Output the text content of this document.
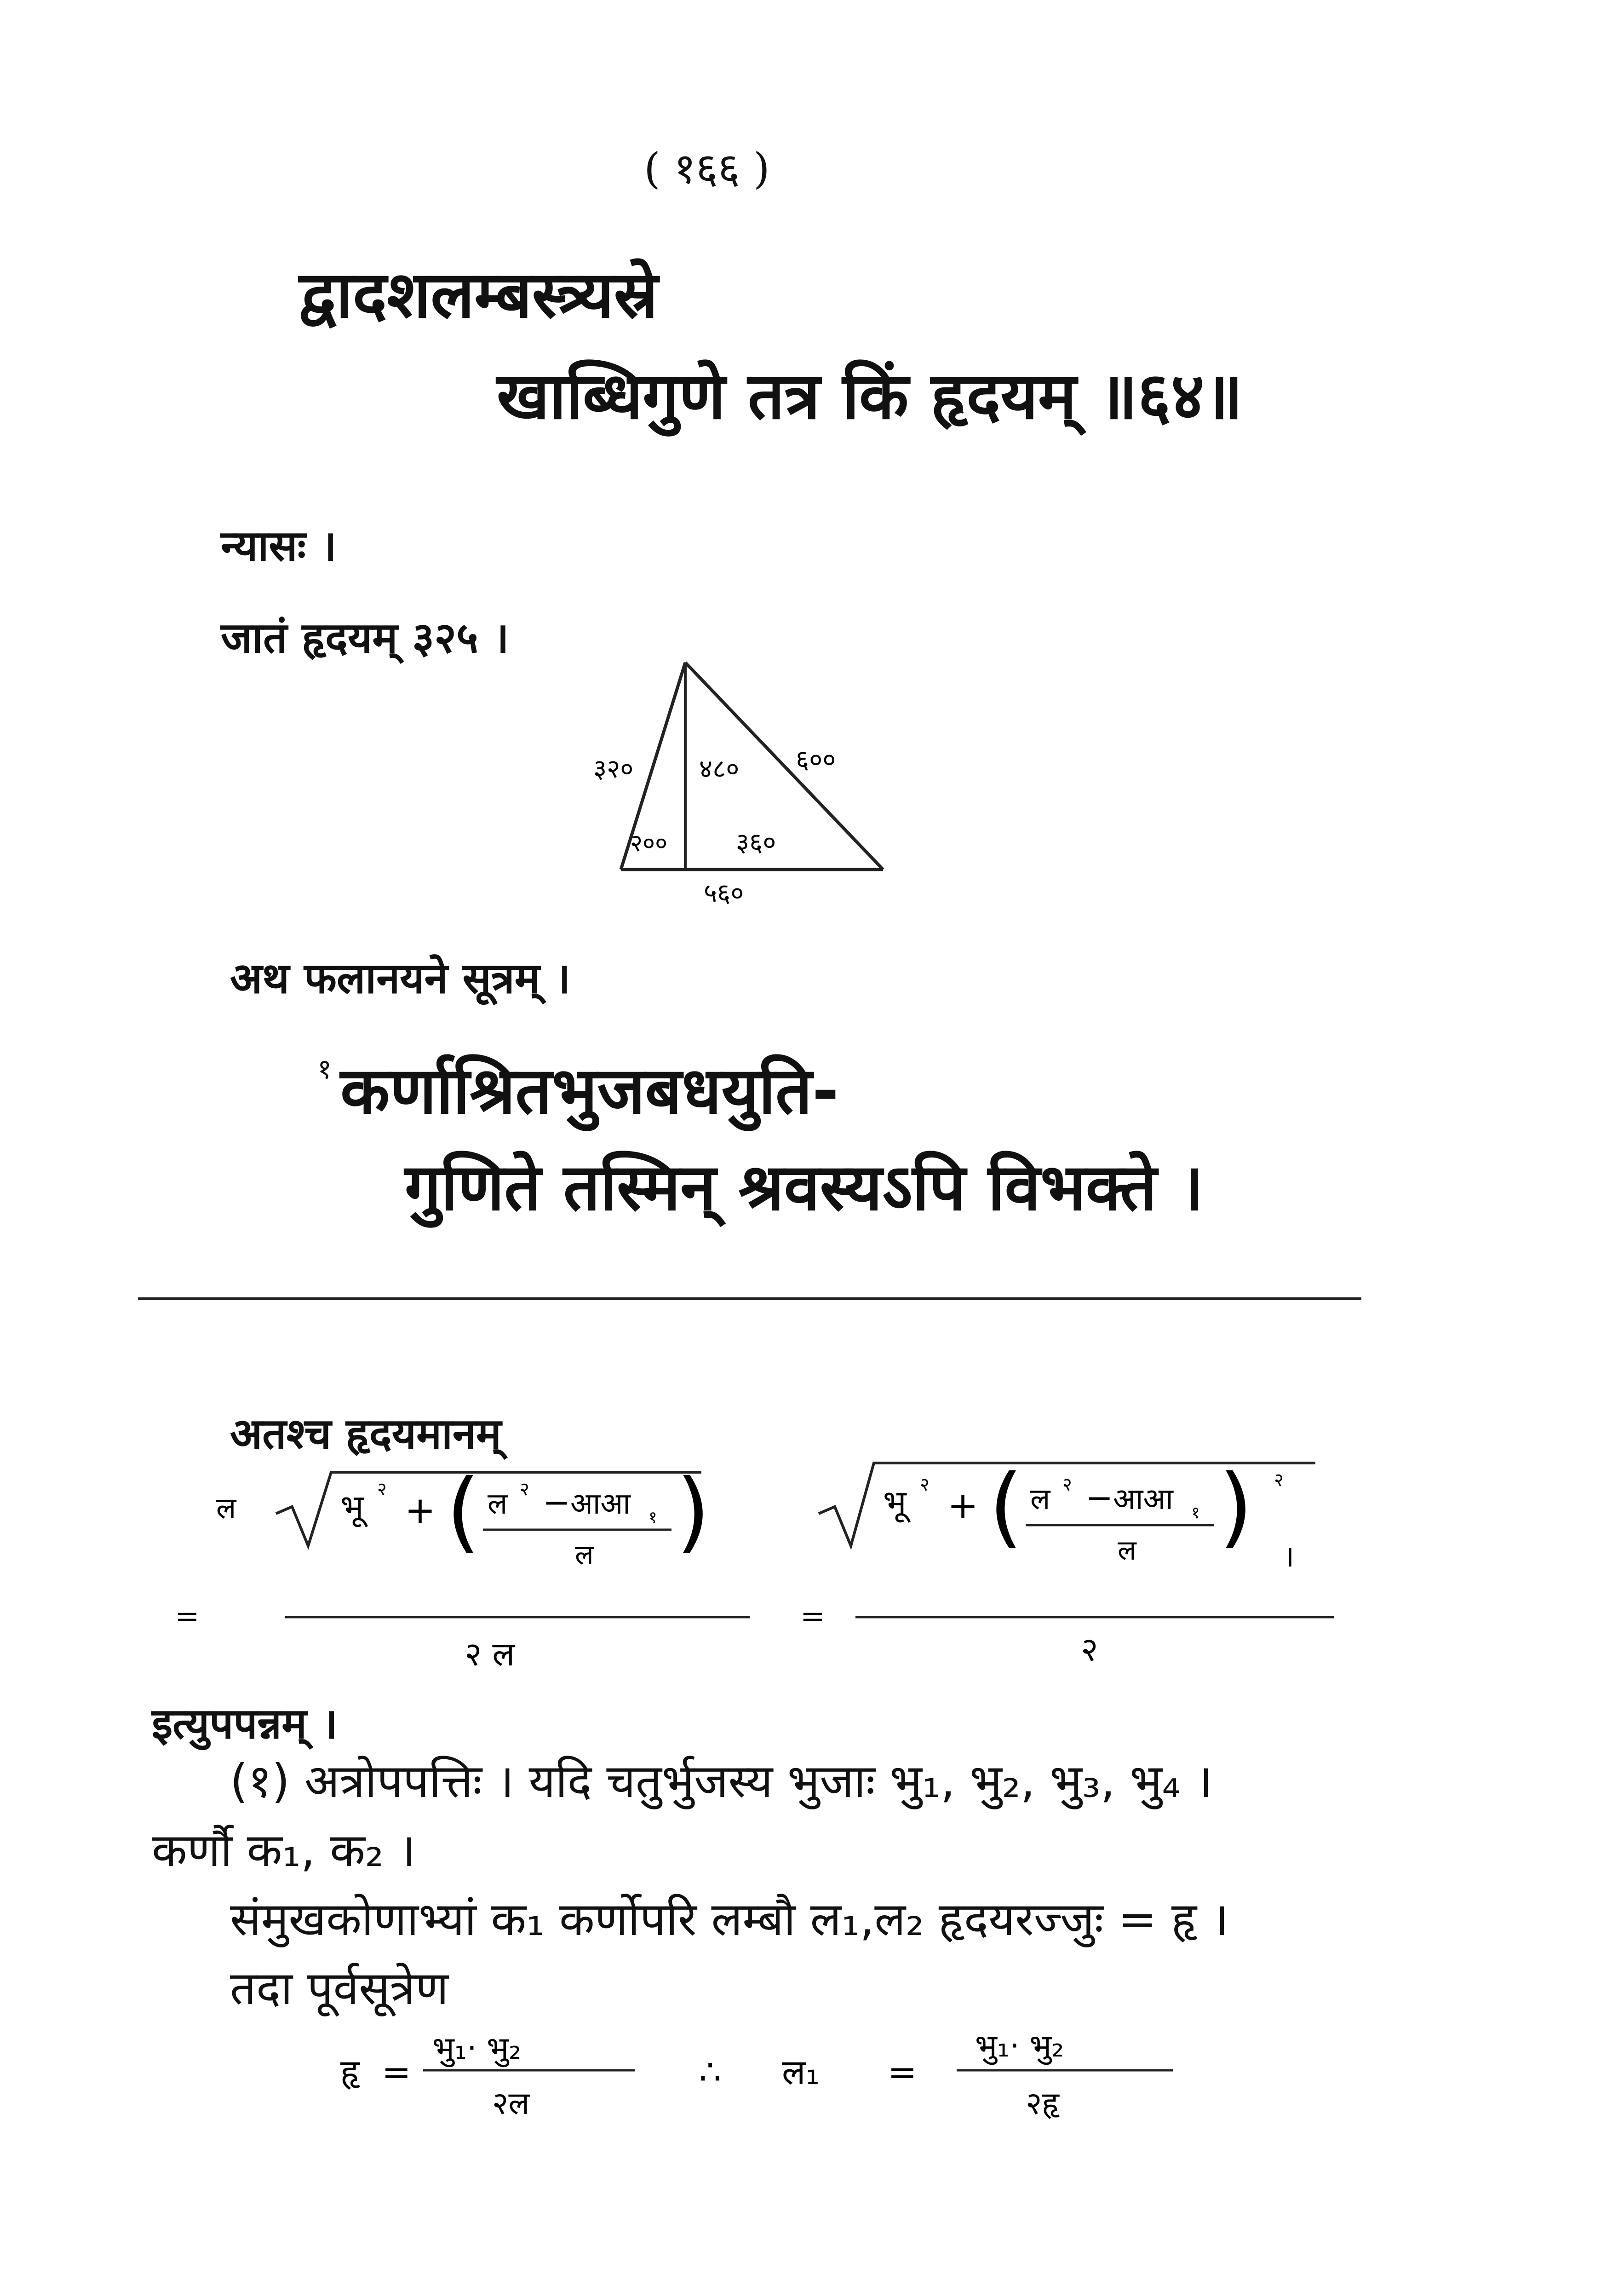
( १६६ )
द्वादशलम्बस्त्र्यस्रे
खाब्धिगुणे तत्र किं हृदयम् ॥६४॥
न्यासः ।
जातं हृदयम् ३२५ ।
३२०	४८० ६००
२००	३६०
५६०
अथ फलानयने सूत्रम् ।
१ कर्णाश्रितभुजबधयुति-
गुणिते तस्मिन् श्रवस्यऽपि विभक्ते ।
अतश्च हृदयमानम्
ल	भू २ + ( ल २ − आआ १
ल )
=
२ ल
=
भू २ + ( ल २ − आआ १
ल ) २
।
२
इत्युपपन्नम् ।
(१) अत्रोपपत्तिः । यदि चतुर्भुजस्य भुजाः भु₁, भु₂, भु₃, भु₄ ।
कर्णौ क₁, क₂ ।
संमुखकोणाभ्यां क₁ कर्णोपरि लम्बौ ल₁,ल₂ हृदयरज्जुः = हृ ।
तदा पूर्वसूत्रेण
हृ =
भु₁· भु₂
२ल
∴ ल₁ =
भु₁· भु₂
२हृ
